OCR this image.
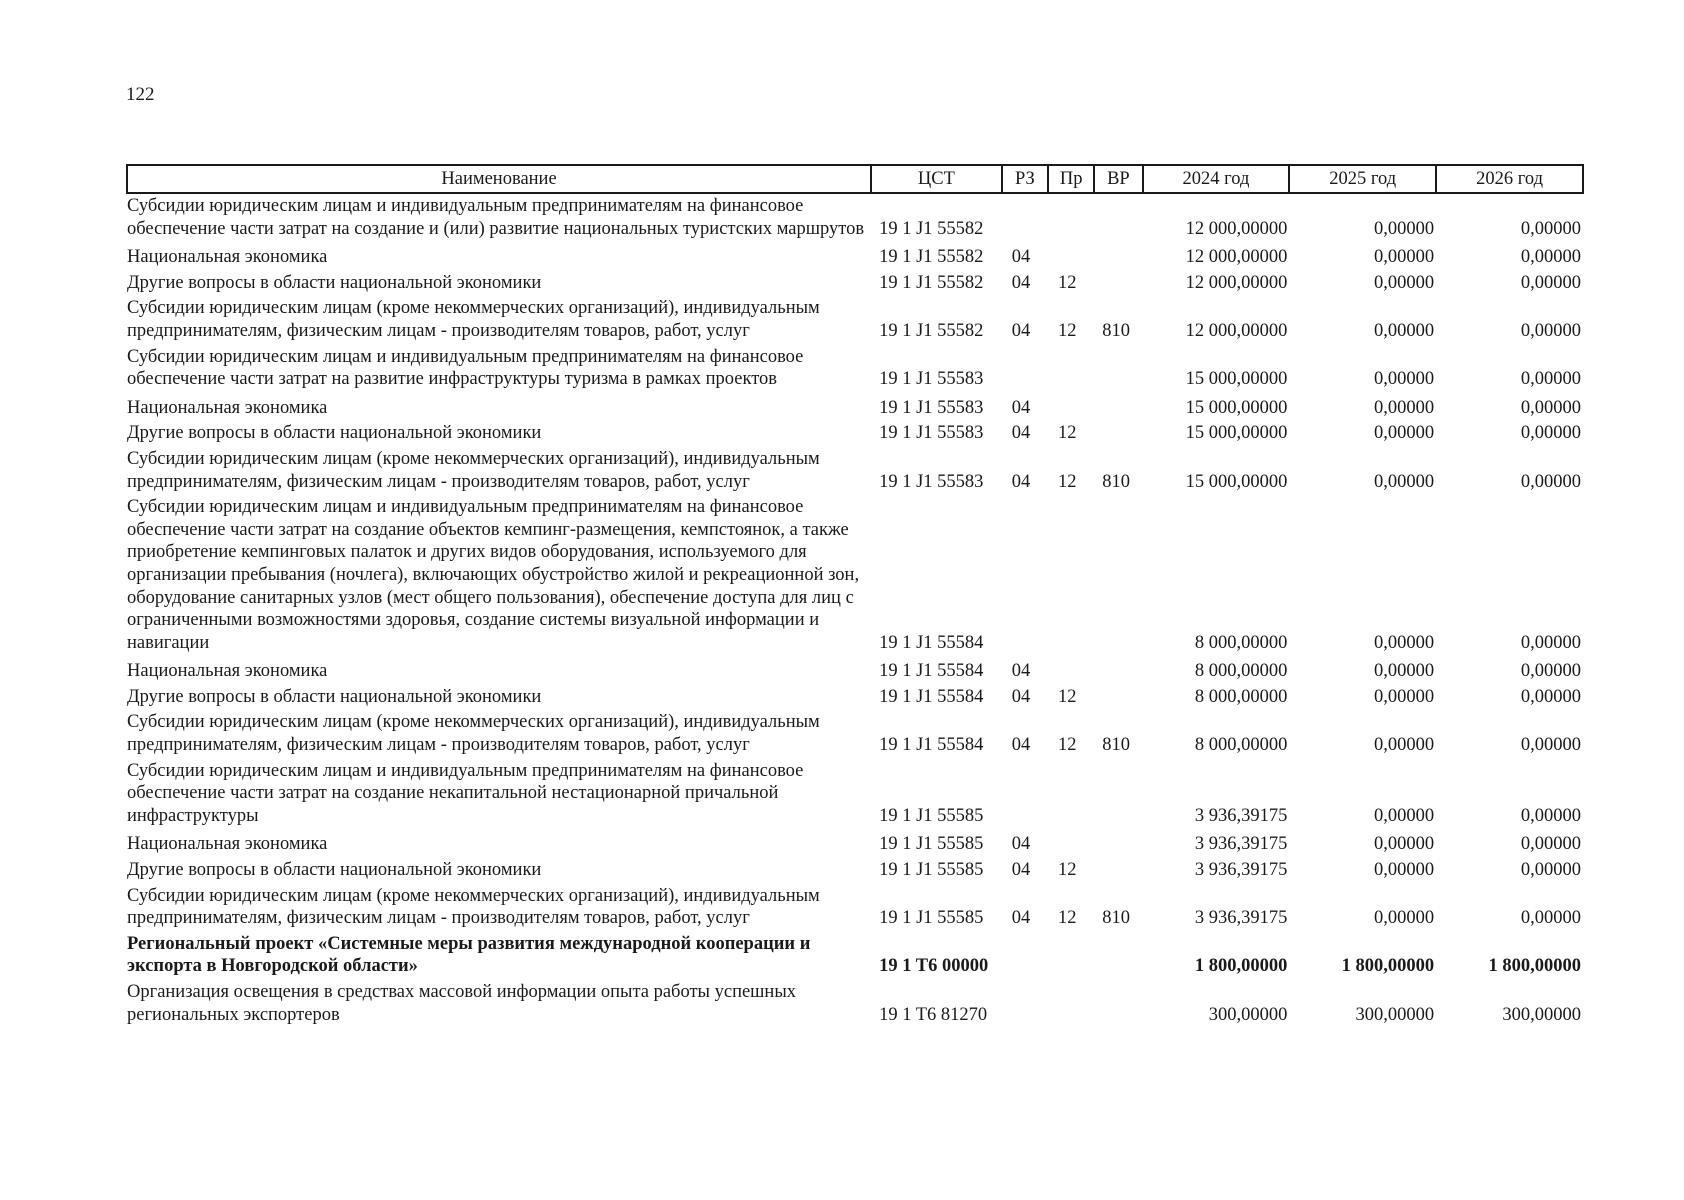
122
Наименование	ЦСТ	РЗ	Пр	ВР	2024 год	2025 год	2026 год
Субсидии юридическим лицам и индивидуальным предпринимателям на финансовое обеспечение части затрат на создание и (или) развитие национальных туристских маршрутов	19 1 J1 55582				12 000,00000	0,00000	0,00000
Национальная экономика	19 1 J1 55582	04			12 000,00000	0,00000	0,00000
Другие вопросы в области национальной экономики	19 1 J1 55582	04	12		12 000,00000	0,00000	0,00000
Субсидии юридическим лицам (кроме некоммерческих организаций), индивидуальным предпринимателям, физическим лицам - производителям товаров, работ, услуг	19 1 J1 55582	04	12	810	12 000,00000	0,00000	0,00000
Субсидии юридическим лицам и индивидуальным предпринимателям на финансовое обеспечение части затрат на развитие инфраструктуры туризма в рамках проектов	19 1 J1 55583				15 000,00000	0,00000	0,00000
Национальная экономика	19 1 J1 55583	04			15 000,00000	0,00000	0,00000
Другие вопросы в области национальной экономики	19 1 J1 55583	04	12		15 000,00000	0,00000	0,00000
Субсидии юридическим лицам (кроме некоммерческих организаций), индивидуальным предпринимателям, физическим лицам - производителям товаров, работ, услуг	19 1 J1 55583	04	12	810	15 000,00000	0,00000	0,00000
Субсидии юридическим лицам и индивидуальным предпринимателям на финансовое обеспечение части затрат на создание объектов кемпинг-размещения, кемпстоянок, а также приобретение кемпинговых палаток и других видов оборудования, используемого для организации пребывания (ночлега), включающих обустройство жилой и рекреационной зон, оборудование санитарных узлов (мест общего пользования), обеспечение доступа для лиц с ограниченными возможностями здоровья, создание системы визуальной информации и навигации	19 1 J1 55584				8 000,00000	0,00000	0,00000
Национальная экономика	19 1 J1 55584	04			8 000,00000	0,00000	0,00000
Другие вопросы в области национальной экономики	19 1 J1 55584	04	12		8 000,00000	0,00000	0,00000
Субсидии юридическим лицам (кроме некоммерческих организаций), индивидуальным предпринимателям, физическим лицам - производителям товаров, работ, услуг	19 1 J1 55584	04	12	810	8 000,00000	0,00000	0,00000
Субсидии юридическим лицам и индивидуальным предпринимателям на финансовое обеспечение части затрат на создание некапитальной нестационарной причальной инфраструктуры	19 1 J1 55585				3 936,39175	0,00000	0,00000
Национальная экономика	19 1 J1 55585	04			3 936,39175	0,00000	0,00000
Другие вопросы в области национальной экономики	19 1 J1 55585	04	12		3 936,39175	0,00000	0,00000
Субсидии юридическим лицам (кроме некоммерческих организаций), индивидуальным предпринимателям, физическим лицам - производителям товаров, работ, услуг	19 1 J1 55585	04	12	810	3 936,39175	0,00000	0,00000
Региональный проект «Системные меры развития международной кооперации и экспорта в Новгородской области»	19 1 T6 00000				1 800,00000	1 800,00000	1 800,00000
Организация освещения в средствах массовой информации опыта работы успешных региональных экспортеров	19 1 T6 81270				300,00000	300,00000	300,00000
